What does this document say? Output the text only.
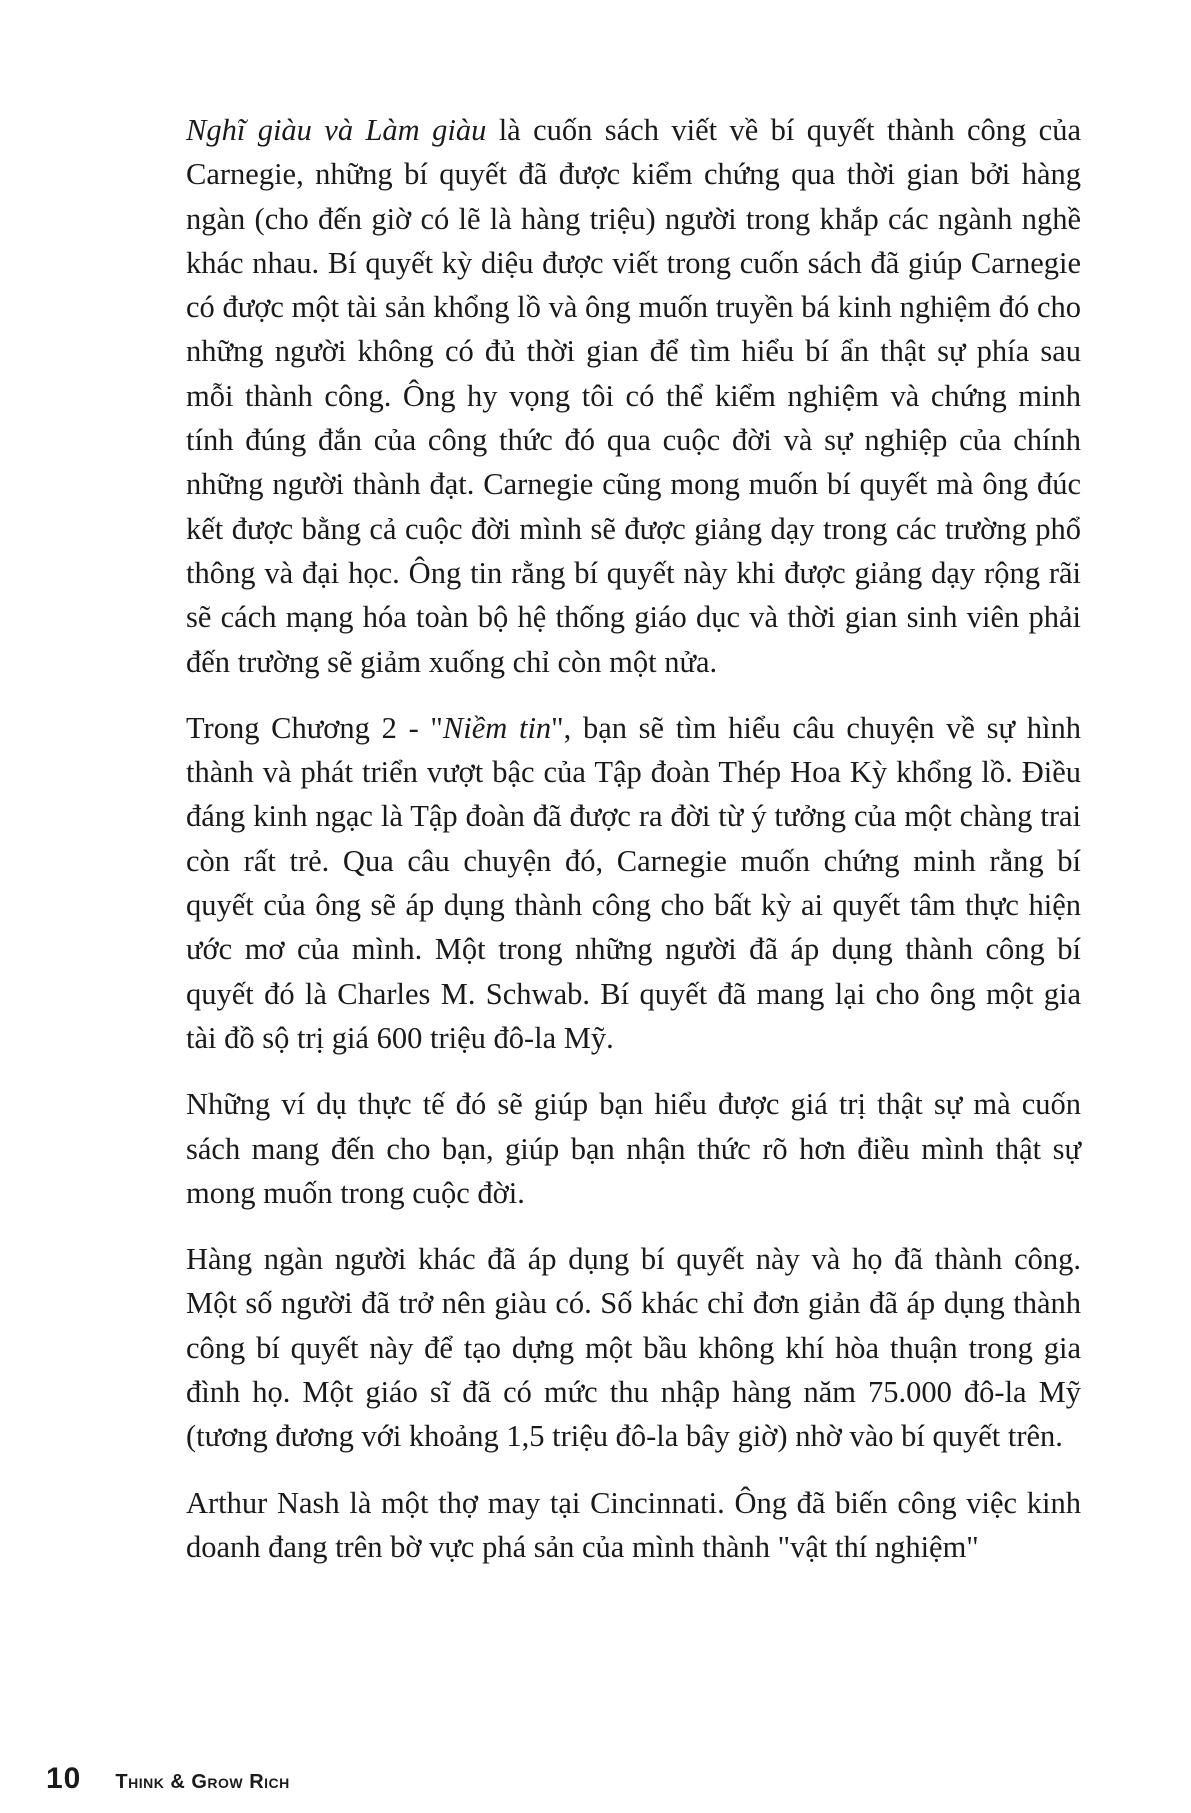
Nghĩ giàu và Làm giàu là cuốn sách viết về bí quyết thành công của Carnegie, những bí quyết đã được kiểm chứng qua thời gian bởi hàng ngàn (cho đến giờ có lẽ là hàng triệu) người trong khắp các ngành nghề khác nhau. Bí quyết kỳ diệu được viết trong cuốn sách đã giúp Carnegie có được một tài sản khổng lồ và ông muốn truyền bá kinh nghiệm đó cho những người không có đủ thời gian để tìm hiểu bí ẩn thật sự phía sau mỗi thành công. Ông hy vọng tôi có thể kiểm nghiệm và chứng minh tính đúng đắn của công thức đó qua cuộc đời và sự nghiệp của chính những người thành đạt. Carnegie cũng mong muốn bí quyết mà ông đúc kết được bằng cả cuộc đời mình sẽ được giảng dạy trong các trường phổ thông và đại học. Ông tin rằng bí quyết này khi được giảng dạy rộng rãi sẽ cách mạng hóa toàn bộ hệ thống giáo dục và thời gian sinh viên phải đến trường sẽ giảm xuống chỉ còn một nửa.

Trong Chương 2 - "Niềm tin", bạn sẽ tìm hiểu câu chuyện về sự hình thành và phát triển vượt bậc của Tập đoàn Thép Hoa Kỳ khổng lồ. Điều đáng kinh ngạc là Tập đoàn đã được ra đời từ ý tưởng của một chàng trai còn rất trẻ. Qua câu chuyện đó, Carnegie muốn chứng minh rằng bí quyết của ông sẽ áp dụng thành công cho bất kỳ ai quyết tâm thực hiện ước mơ của mình. Một trong những người đã áp dụng thành công bí quyết đó là Charles M. Schwab. Bí quyết đã mang lại cho ông một gia tài đồ sộ trị giá 600 triệu đô-la Mỹ.

Những ví dụ thực tế đó sẽ giúp bạn hiểu được giá trị thật sự mà cuốn sách mang đến cho bạn, giúp bạn nhận thức rõ hơn điều mình thật sự mong muốn trong cuộc đời.

Hàng ngàn người khác đã áp dụng bí quyết này và họ đã thành công. Một số người đã trở nên giàu có. Số khác chỉ đơn giản đã áp dụng thành công bí quyết này để tạo dựng một bầu không khí hòa thuận trong gia đình họ. Một giáo sĩ đã có mức thu nhập hàng năm 75.000 đô-la Mỹ (tương đương với khoảng 1,5 triệu đô-la bây giờ) nhờ vào bí quyết trên.

Arthur Nash là một thợ may tại Cincinnati. Ông đã biến công việc kinh doanh đang trên bờ vực phá sản của mình thành "vật thí nghiệm"

10 Think & Grow Rich
